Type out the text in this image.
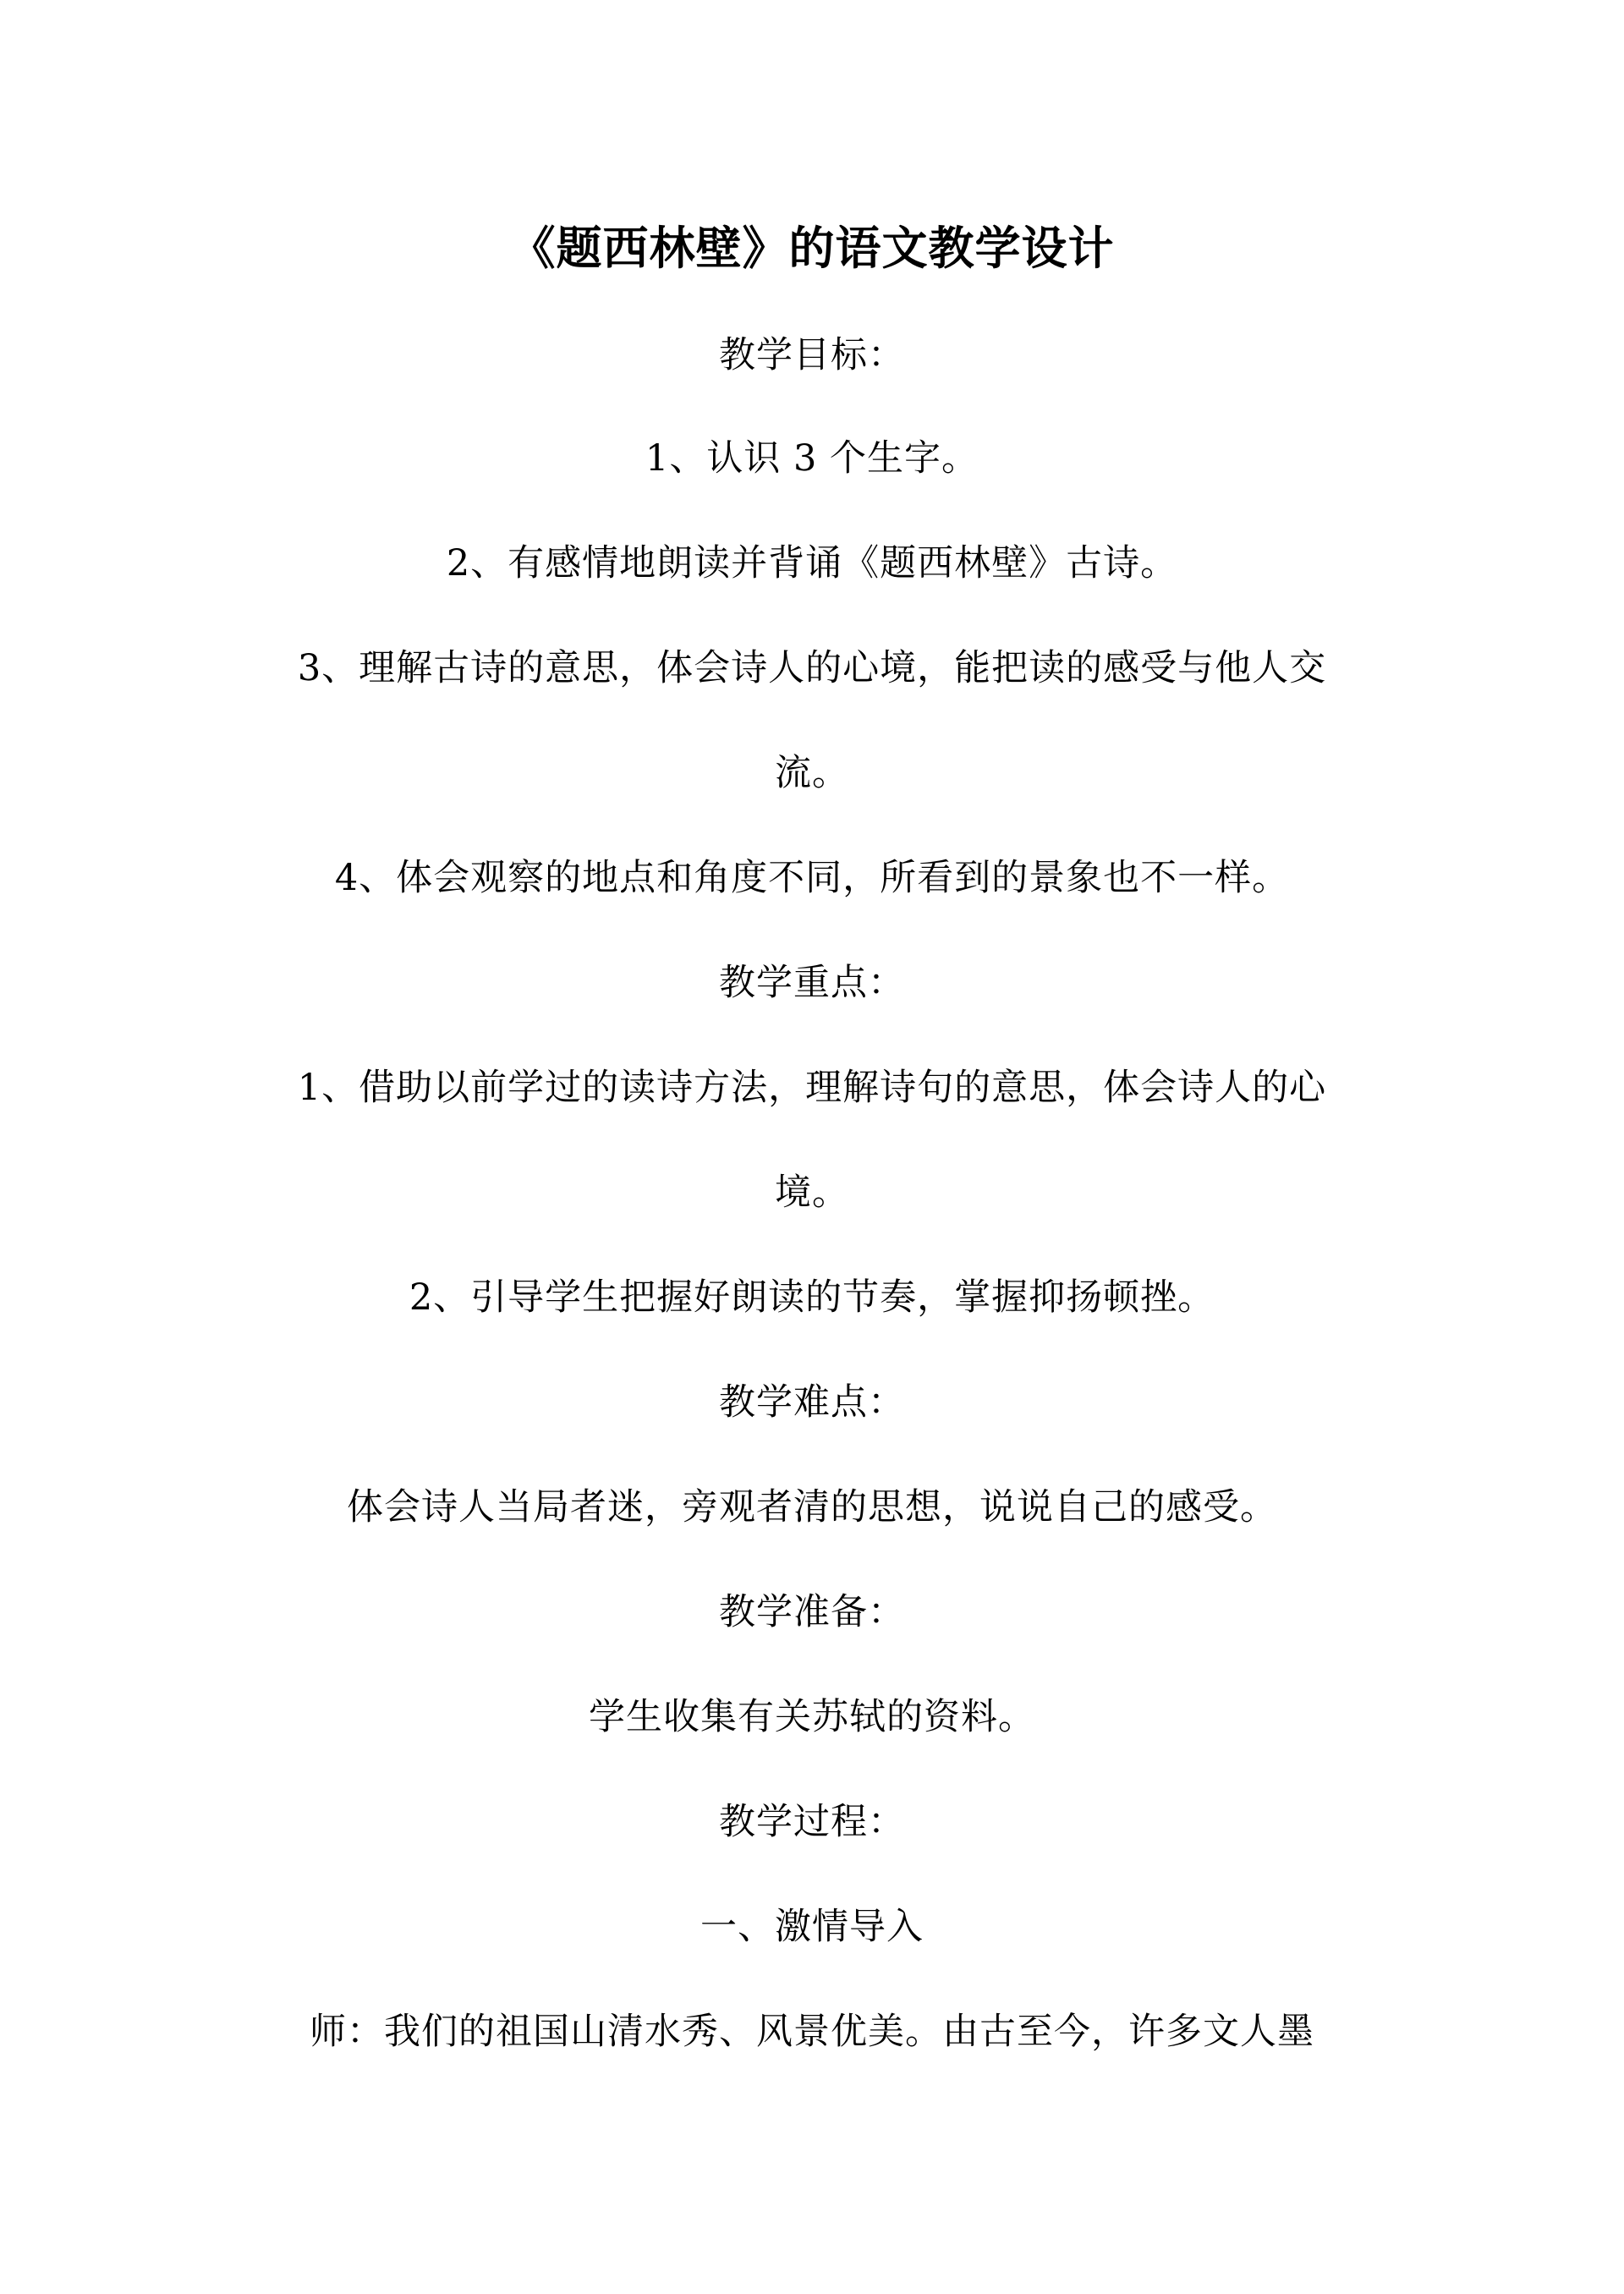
《题西林壁》的语文教学设计
教学目标：
1、认识 3 个生字。
2、有感情地朗读并背诵《题西林壁》古诗。
3、理解古诗的意思，体会诗人的心境，能把读的感受与他人交
流。
4、体会观察的地点和角度不同，所看到的景象也不一样。
教学重点：
1、借助以前学过的读诗方法，理解诗句的意思，体会诗人的心
境。
2、引导学生把握好朗读的节奏，掌握抑扬顿挫。
教学难点：
体会诗人当局者迷，旁观者清的思想，说说自己的感受。
教学准备：
学生收集有关苏轼的资料。
教学过程：
一、激情导入
师：我们的祖国山清水秀、风景优美。由古至今，许多文人墨
